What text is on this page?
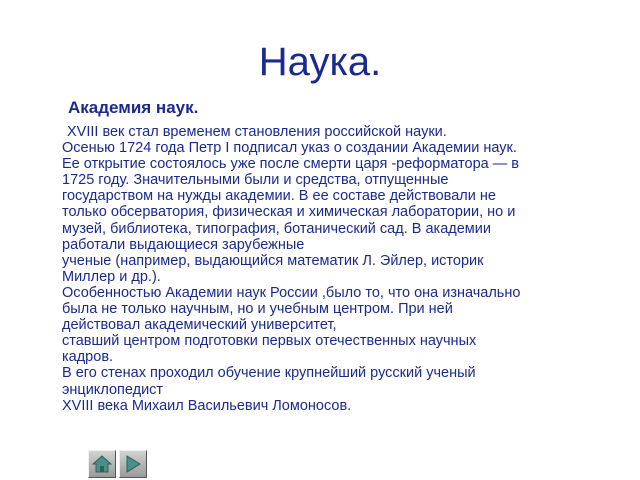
Наука.
Академия наук.
XVIII век стал временем становления российской науки.
Осенью 1724 года Петр I подписал указ о создании Академии наук.
Ее открытие состоялось уже после смерти царя -реформатора — в
1725 году. Значительными были и средства, отпущенные
государством на нужды академии. В ее составе действовали не
только обсерватория, физическая и химическая лаборатории, но и
музей, библиотека, типография, ботанический сад. В академии
работали выдающиеся зарубежные
ученые (например, выдающийся математик Л. Эйлер, историк
Миллер и др.).
Особенностью Академии наук России ,было то, что она изначально
была не только научным, но и учебным центром. При ней
действовал академический университет,
ставший центром подготовки первых отечественных научных
кадров.
В его стенах проходил обучение крупнейший русский ученый
энциклопедист
XVIII века Михаил Васильевич Ломоносов.
